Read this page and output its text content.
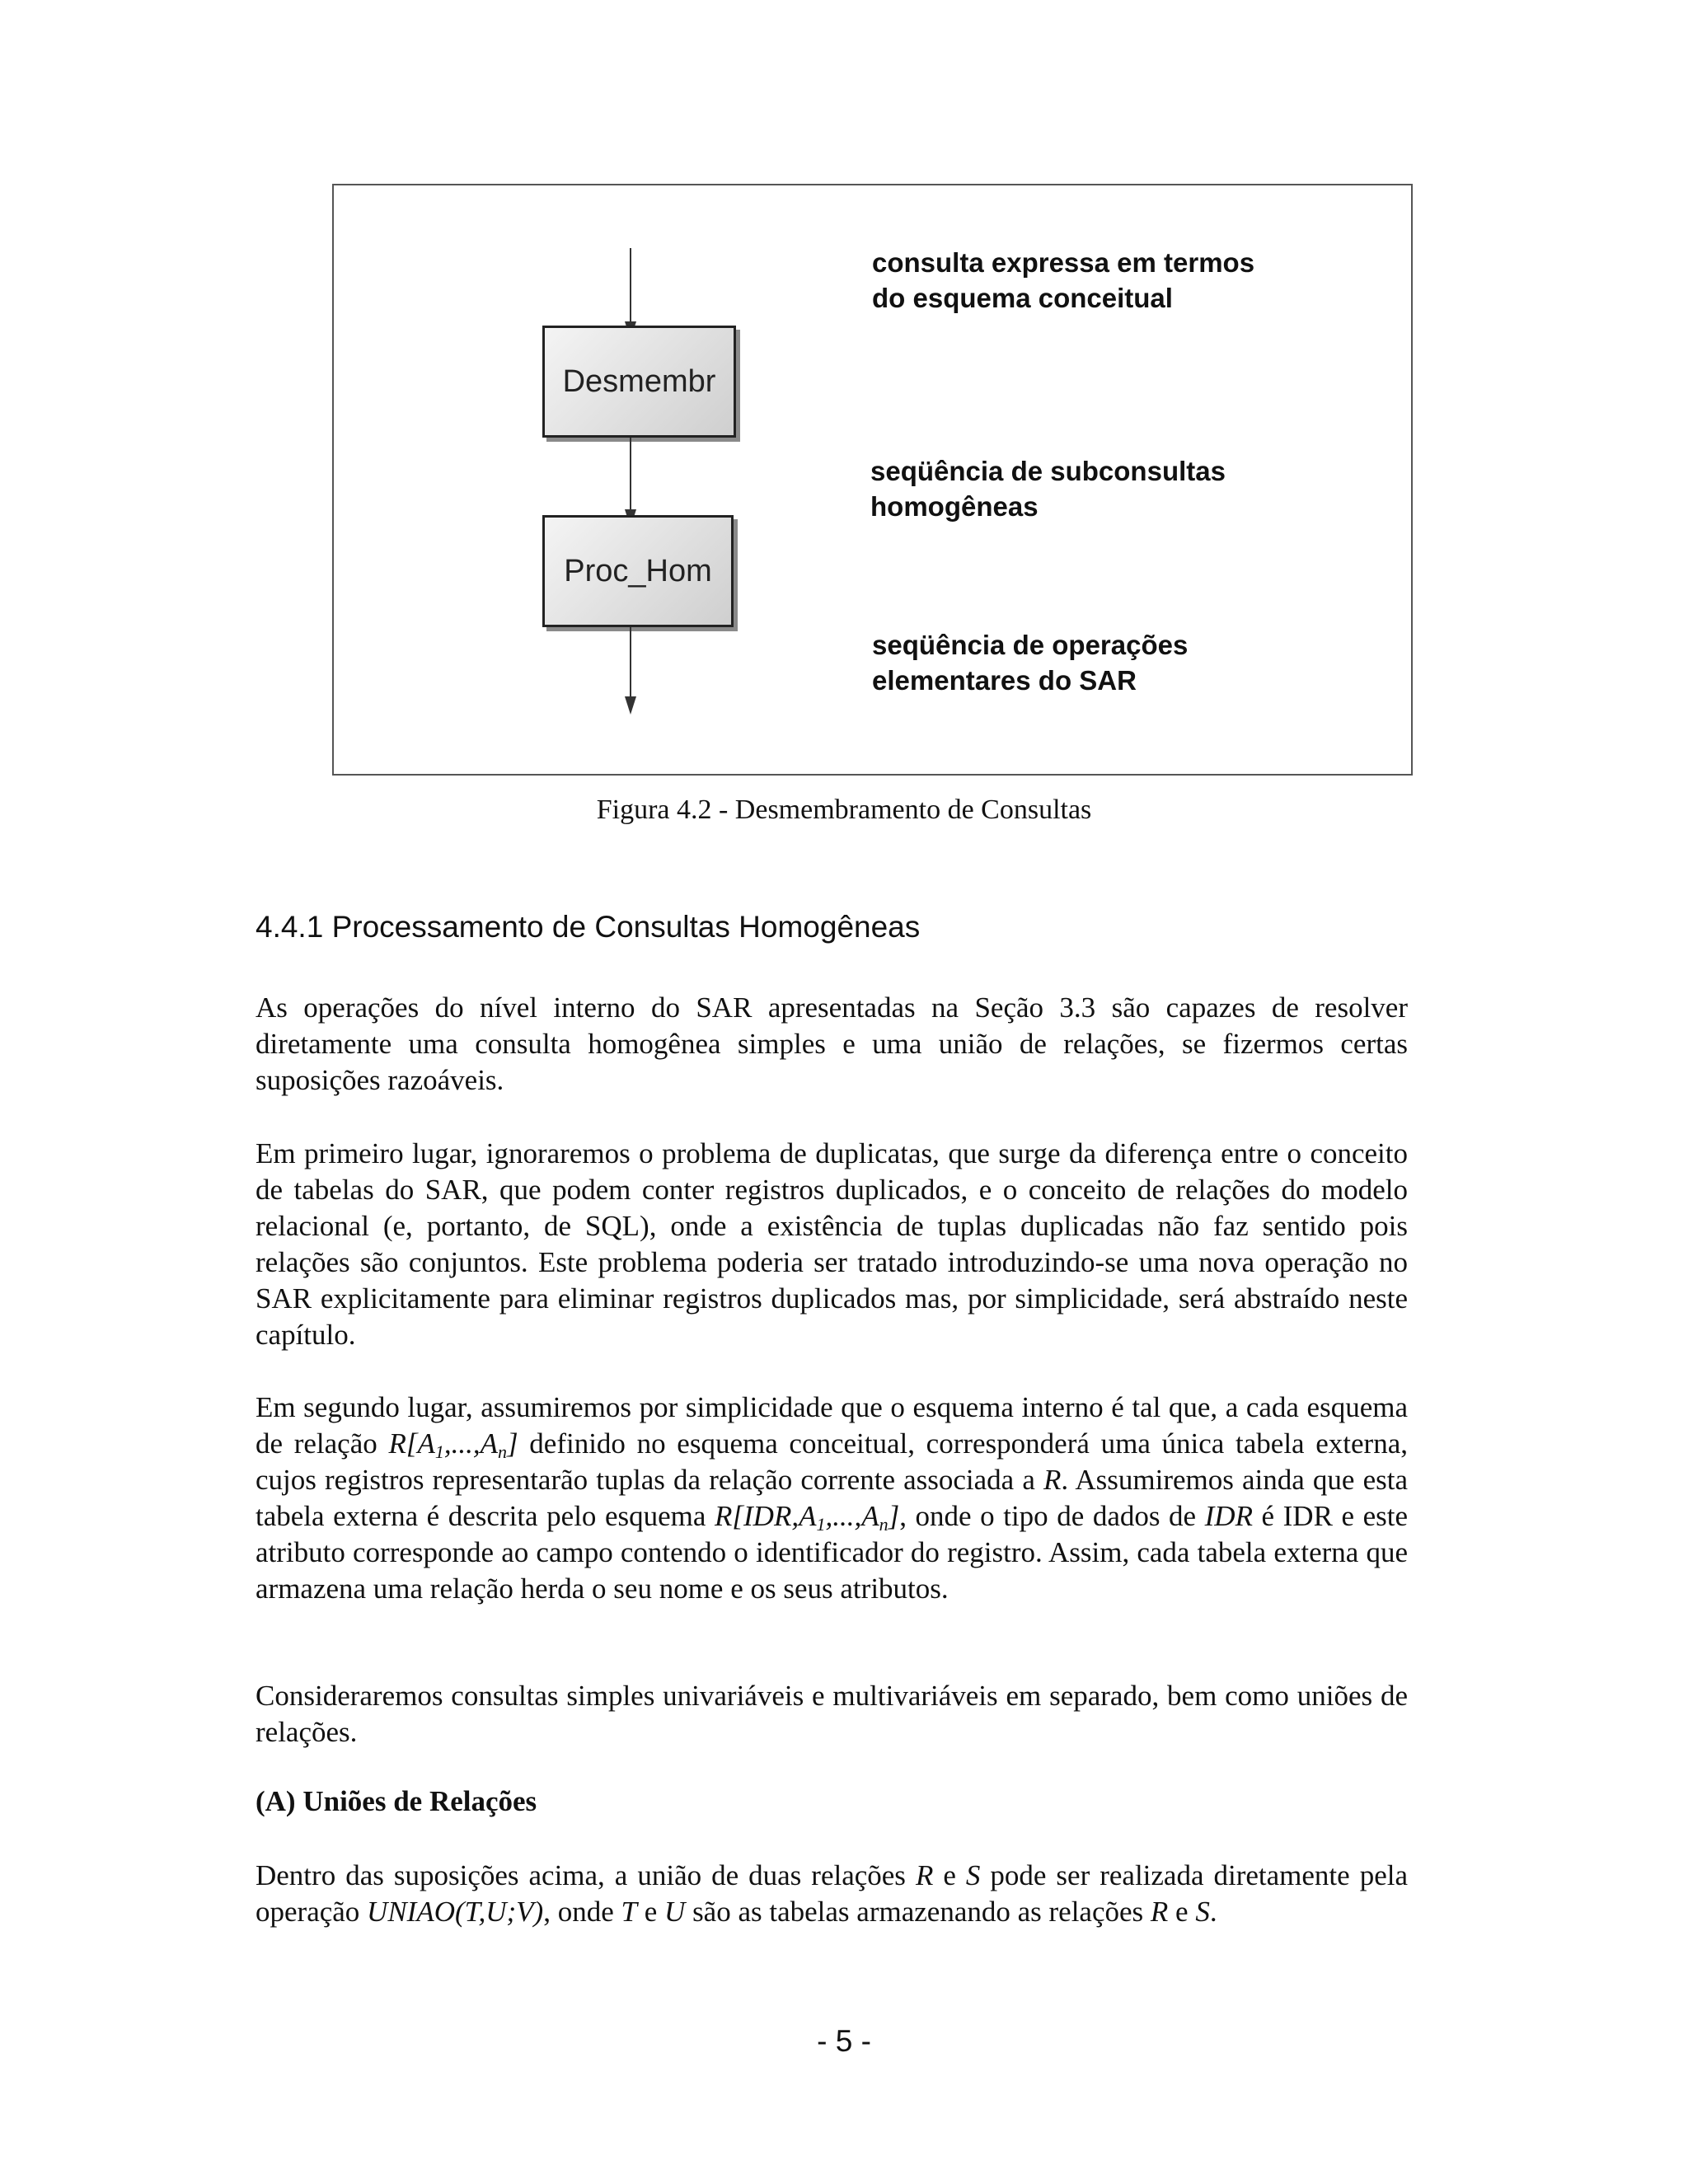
Desmembr
Proc_Hom
consulta expressa em termos
do esquema conceitual
seqüência de subconsultas
homogêneas
seqüência de operações
elementares do SAR
Figura 4.2 - Desmembramento de Consultas
4.4.1 Processamento de Consultas Homogêneas

As operações do nível interno do SAR apresentadas na Seção 3.3 são capazes de resolver diretamente uma consulta homogênea simples e uma união de relações, se fizermos certas suposições razoáveis.

Em primeiro lugar, ignoraremos o problema de duplicatas, que surge da diferença entre o conceito de tabelas do SAR, que podem conter registros duplicados, e o conceito de relações do modelo relacional (e, portanto, de SQL), onde a existência de tuplas duplicadas não faz sentido pois relações são conjuntos. Este problema poderia ser tratado introduzindo-se uma nova operação no SAR explicitamente para eliminar registros duplicados mas, por simplicidade, será abstraído neste capítulo.

Em segundo lugar, assumiremos por simplicidade que o esquema interno é tal que, a cada esquema de relação $R[A_1,...,A_n]$ definido no esquema conceitual, corresponderá uma única tabela externa, cujos registros representarão tuplas da relação corrente associada a R. Assumiremos ainda que esta tabela externa é descrita pelo esquema $R[IDR,A_1,...,A_n]$, onde o tipo de dados de IDR é IDR e este atributo corresponde ao campo contendo o identificador do registro. Assim, cada tabela externa que armazena uma relação herda o seu nome e os seus atributos.

Consideraremos consultas simples univariáveis e multivariáveis em separado, bem como uniões de relações.

(A) Uniões de Relações

Dentro das suposições acima, a união de duas relações R e S pode ser realizada diretamente pela operação UNIAO(T,U;V), onde T e U são as tabelas armazenando as relações R e S.

- 5 -
